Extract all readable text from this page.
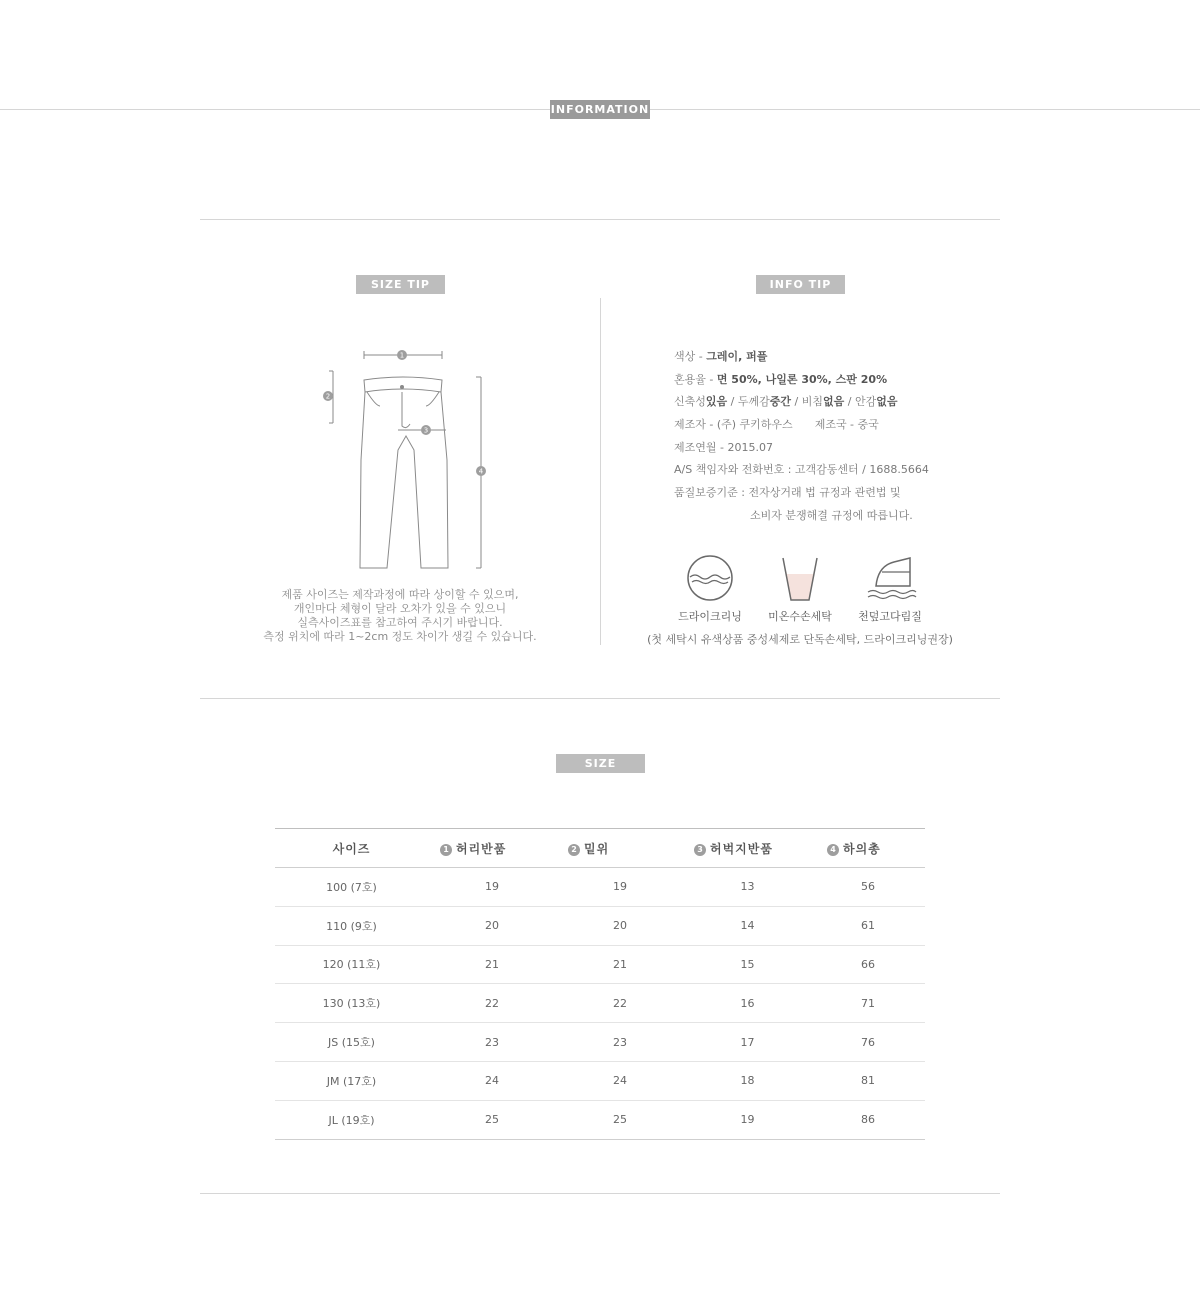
INFORMATION
SIZE TIP
1
2
3
4
제품 사이즈는 제작과정에 따라 상이할 수 있으며,
개인마다 체형이 달라 오차가 있을 수 있으니
실측사이즈표를 참고하여 주시기 바랍니다.
측정 위치에 따라 1~2cm 정도 차이가 생길 수 있습니다.
INFO TIP
색상 - 그레이, 퍼플
혼용율 - 면 50%, 나일론 30%, 스판 20%
신축성있음 / 두께감중간 / 비침없음 / 안감없음
제조자 - (주) 쿠키하우스 제조국 - 중국
제조연월 - 2015.07
A/S 책임자와 전화번호 : 고객감동센터 / 1688.5664
품질보증기준 : 전자상거래 법 규정과 관련법 및
소비자 분쟁해결 규정에 따릅니다.
드라이크리닝	미온수손세탁	천덮고다림질
(첫 세탁시 유색상품 중성세제로 단독손세탁, 드라이크리닝권장)
SIZE
사이즈	1 허리반품	2 밑위	3 허벅지반품	4 하의총
100 (7호)	19	19	13	56
110 (9호)	20	20	14	61
120 (11호)	21	21	15	66
130 (13호)	22	22	16	71
JS (15호)	23	23	17	76
JM (17호)	24	24	18	81
JL (19호)	25	25	19	86
